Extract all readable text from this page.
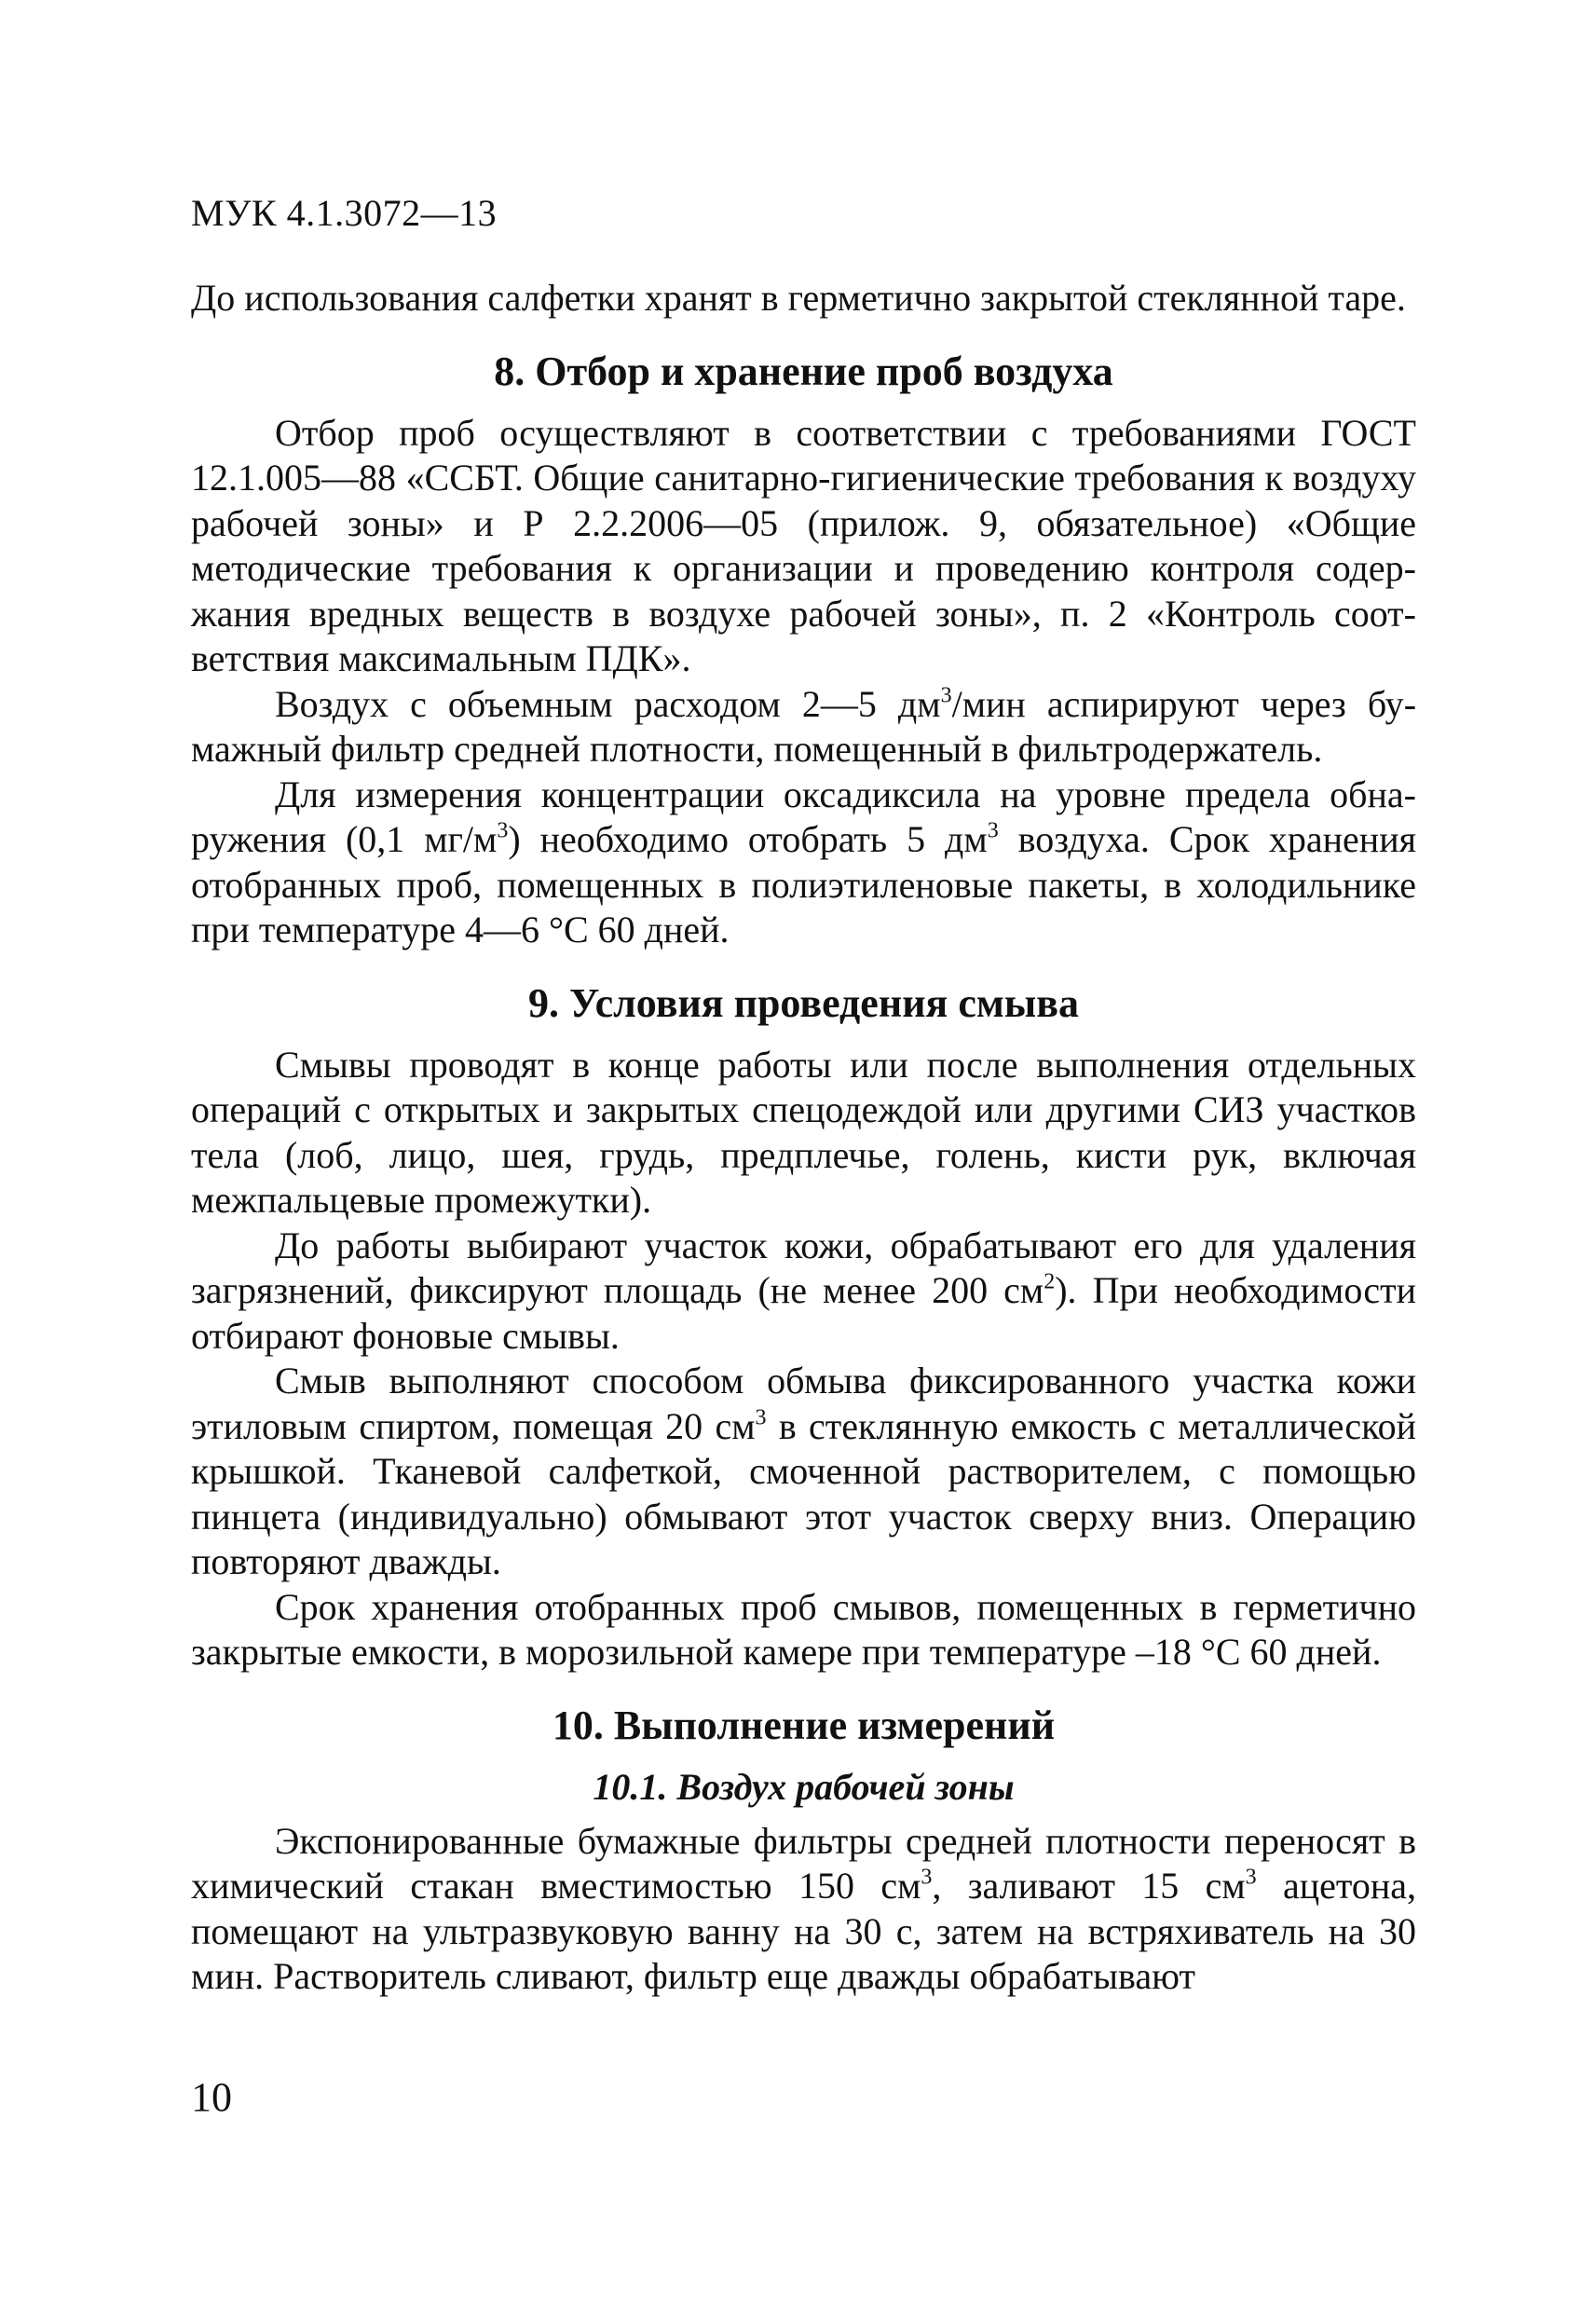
МУК 4.1.3072—13

До использования салфетки хранят в герметично закрытой стеклянной таре.

8. Отбор и хранение проб воздуха

Отбор проб осуществляют в соответствии с требованиями ГОСТ 12.1.005—88 «ССБТ. Общие санитарно-гигиенические требования к воздуху рабочей зоны» и Р 2.2.2006—05 (прилож. 9, обязательное) «Общие методические требования к организации и проведению контроля содержания вредных веществ в воздухе рабочей зоны», п. 2 «Контроль соответствия максимальным ПДК».

Воздух с объемным расходом 2—5 $дм^3$/мин аспирируют через бумажный фильтр средней плотности, помещенный в фильтродержатель.

Для измерения концентрации оксадиксила на уровне предела обнаружения (0,1 $мг/м^3$) необходимо отобрать 5 $дм^3$ воздуха. Срок хранения отобранных проб, помещенных в полиэтиленовые пакеты, в холодильнике при температуре 4—6 °С 60 дней.

9. Условия проведения смыва

Смывы проводят в конце работы или после выполнения отдельных операций с открытых и закрытых спецодеждой или другими СИЗ участков тела (лоб, лицо, шея, грудь, предплечье, голень, кисти рук, включая межпальцевые промежутки).

До работы выбирают участок кожи, обрабатывают его для удаления загрязнений, фиксируют площадь (не менее 200 $см^2$). При необходимости отбирают фоновые смывы.

Смыв выполняют способом обмыва фиксированного участка кожи этиловым спиртом, помещая 20 $см^3$ в стеклянную емкость с металлической крышкой. Тканевой салфеткой, смоченной растворителем, с помощью пинцета (индивидуально) обмывают этот участок сверху вниз. Операцию повторяют дважды.

Срок хранения отобранных проб смывов, помещенных в герметично закрытые емкости, в морозильной камере при температуре –18 °С 60 дней.

10. Выполнение измерений
10.1. Воздух рабочей зоны

Экспонированные бумажные фильтры средней плотности переносят в химический стакан вместимостью 150 $см^3$, заливают 15 $см^3$ ацетона, помещают на ультразвуковую ванну на 30 с, затем на встряхиватель на 30 мин. Растворитель сливают, фильтр еще дважды обрабатывают

10
